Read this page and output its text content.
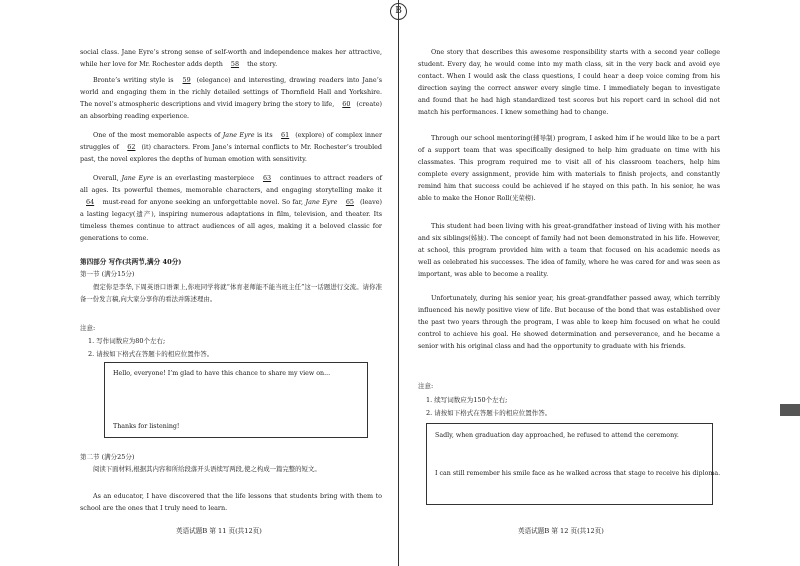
B
social class. Jane Eyre’s strong sense of self-worth and independence makes her attractive, while her love for Mr. Rochester adds depth 58 the story.
Bronte’s writing style is 59 (elegance) and interesting, drawing readers into Jane’s world and engaging them in the richly detailed settings of Thornfield Hall and Yorkshire. The novel’s atmospheric descriptions and vivid imagery bring the story to life, 60 (create) an absorbing reading experience.
One of the most memorable aspects of Jane Eyre is its 61 (explore) of complex inner struggles of 62 (it) characters. From Jane’s internal conflicts to Mr. Rochester’s troubled past, the novel explores the depths of human emotion with sensitivity.
Overall, Jane Eyre is an everlasting masterpiece 63 continues to attract readers of all ages. Its powerful themes, memorable characters, and engaging storytelling make it 64 must-read for anyone seeking an unforgettable novel. So far, Jane Eyre 65 (leave) a lasting legacy(遗产), inspiring numerous adaptations in film, television, and theater. Its timeless themes continue to attract audiences of all ages, making it a beloved classic for generations to come.
第四部分 写作(共两节,满分 40分)
第一节 (满分15分)
假定你是李华,下周英语口语课上,你班同学将就“体育老师能不能当班主任”这一话题进行交流。请你准备一份发言稿,向大家分享你的看法并陈述理由。
注意:
1. 写作词数应为80个左右;
2. 请按如下格式在答题卡的相应位置作答。
Hello, everyone! I’m glad to have this chance to share my view on...
Thanks for listening!
第二节 (满分25分)
阅读下面材料,根据其内容和所给段落开头语续写两段,使之构成一篇完整的短文。
As an educator, I have discovered that the life lessons that students bring with them to school are the ones that I truly need to learn.
英语试题B 第 11 页(共12页)
One story that describes this awesome responsibility starts with a second year college student. Every day, he would come into my math class, sit in the very back and avoid eye contact. When I would ask the class questions, I could hear a deep voice coming from his direction saying the correct answer every single time. I immediately began to investigate and found that he had high standardized test scores but his report card in school did not match his performances. I knew something had to change.
Through our school mentoring(辅导制) program, I asked him if he would like to be a part of a support team that was specifically designed to help him graduate on time with his classmates. This program required me to visit all of his classroom teachers, help him complete every assignment, provide him with materials to finish projects, and constantly remind him that success could be achieved if he stayed on this path. In his senior, he was able to make the Honor Roll(光荣榜).
This student had been living with his great-grandfather instead of living with his mother and six siblings(姊妹). The concept of family had not been demonstrated in his life. However, at school, this program provided him with a team that focused on his academic needs as well as celebrated his successes. The idea of family, where he was cared for and was seen as important, was able to become a reality.
Unfortunately, during his senior year, his great-grandfather passed away, which terribly influenced his newly positive view of life. But because of the bond that was established over the past two years through the program, I was able to keep him focused on what he could control to achieve his goal. He showed determination and perseverance, and he became a senior with his original class and had the opportunity to graduate with his friends.
注意:
1. 续写词数应为150个左右;
2. 请按如下格式在答题卡的相应位置作答。
Sadly, when graduation day approached, he refused to attend the ceremony.
I can still remember his smile face as he walked across that stage to receive his diploma.
英语试题B 第 12 页(共12页)
